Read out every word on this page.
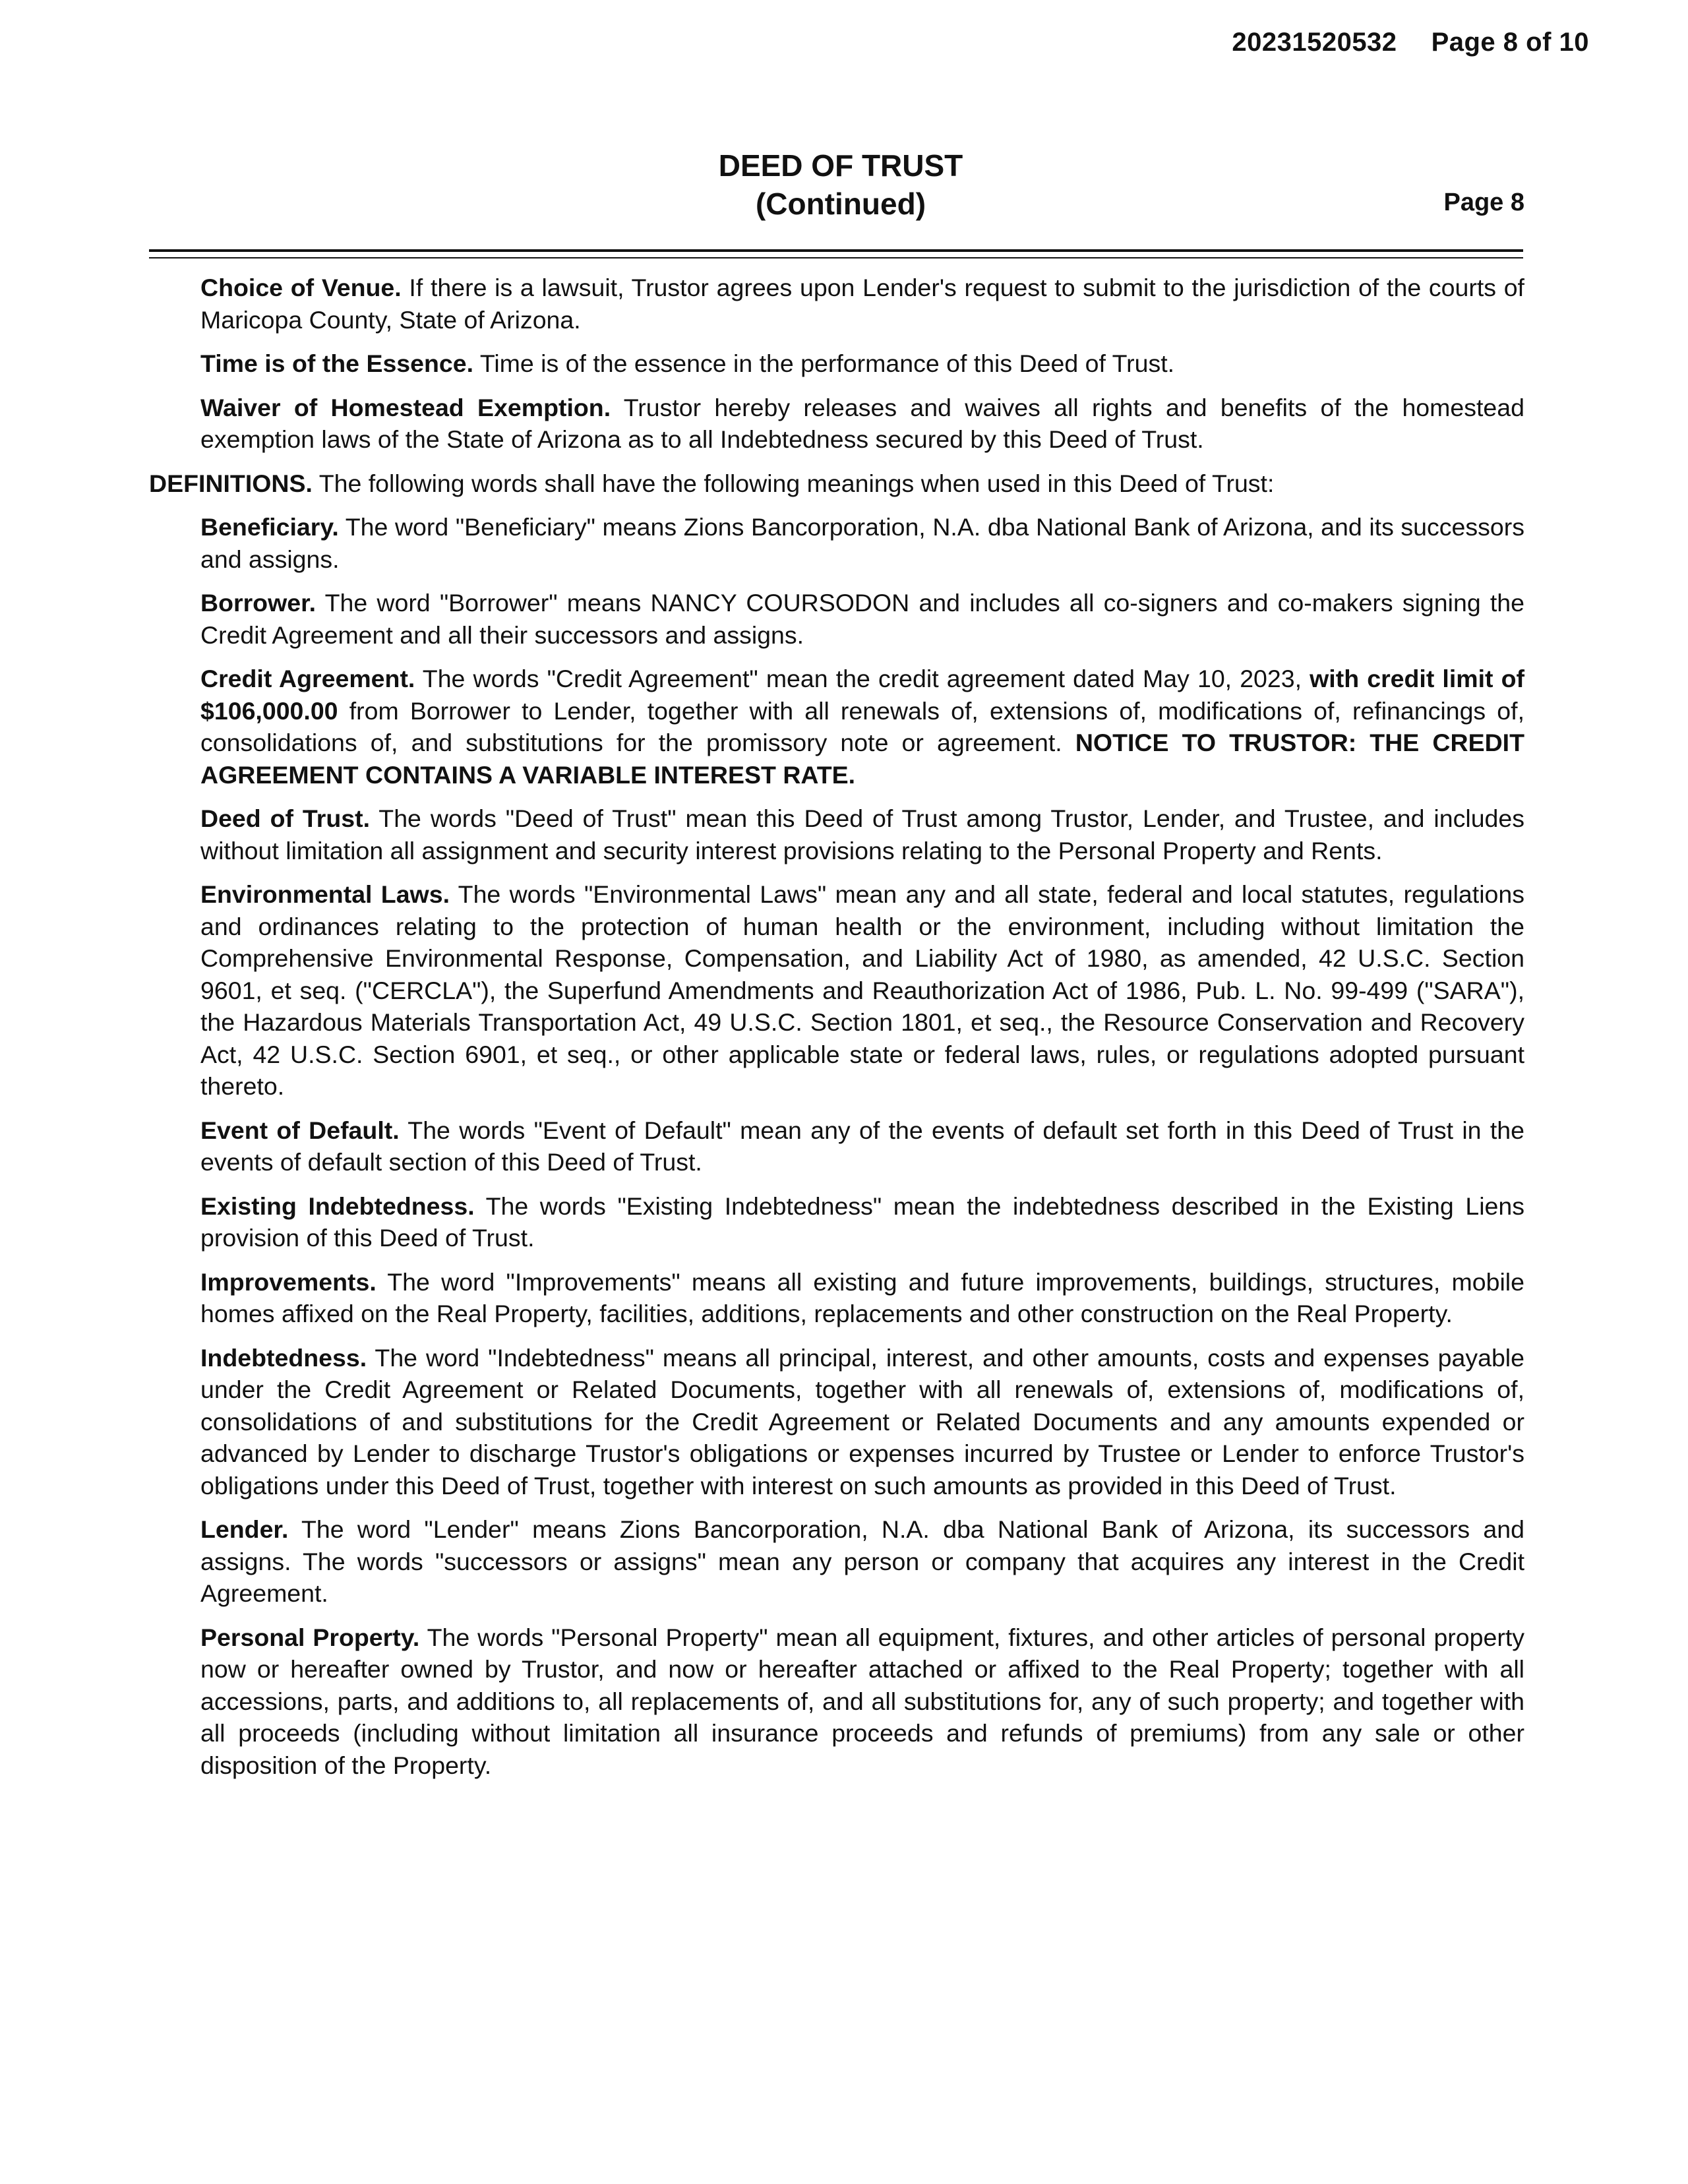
20231520532 Page 8 of 10
DEED OF TRUST
(Continued)	Page 8

Choice of Venue. If there is a lawsuit, Trustor agrees upon Lender's request to submit to the jurisdiction of the courts of Maricopa County, State of Arizona.

Time is of the Essence. Time is of the essence in the performance of this Deed of Trust.

Waiver of Homestead Exemption. Trustor hereby releases and waives all rights and benefits of the homestead exemption laws of the State of Arizona as to all Indebtedness secured by this Deed of Trust.

DEFINITIONS. The following words shall have the following meanings when used in this Deed of Trust:

Beneficiary. The word "Beneficiary" means Zions Bancorporation, N.A. dba National Bank of Arizona, and its successors and assigns.

Borrower. The word "Borrower" means NANCY COURSODON and includes all co-signers and co-makers signing the Credit Agreement and all their successors and assigns.

Credit Agreement. The words "Credit Agreement" mean the credit agreement dated May 10, 2023, with credit limit of $106,000.00 from Borrower to Lender, together with all renewals of, extensions of, modifications of, refinancings of, consolidations of, and substitutions for the promissory note or agreement. NOTICE TO TRUSTOR: THE CREDIT AGREEMENT CONTAINS A VARIABLE INTEREST RATE.

Deed of Trust. The words "Deed of Trust" mean this Deed of Trust among Trustor, Lender, and Trustee, and includes without limitation all assignment and security interest provisions relating to the Personal Property and Rents.

Environmental Laws. The words "Environmental Laws" mean any and all state, federal and local statutes, regulations and ordinances relating to the protection of human health or the environment, including without limitation the Comprehensive Environmental Response, Compensation, and Liability Act of 1980, as amended, 42 U.S.C. Section 9601, et seq. ("CERCLA"), the Superfund Amendments and Reauthorization Act of 1986, Pub. L. No. 99-499 ("SARA"), the Hazardous Materials Transportation Act, 49 U.S.C. Section 1801, et seq., the Resource Conservation and Recovery Act, 42 U.S.C. Section 6901, et seq., or other applicable state or federal laws, rules, or regulations adopted pursuant thereto.

Event of Default. The words "Event of Default" mean any of the events of default set forth in this Deed of Trust in the events of default section of this Deed of Trust.

Existing Indebtedness. The words "Existing Indebtedness" mean the indebtedness described in the Existing Liens provision of this Deed of Trust.

Improvements. The word "Improvements" means all existing and future improvements, buildings, structures, mobile homes affixed on the Real Property, facilities, additions, replacements and other construction on the Real Property.

Indebtedness. The word "Indebtedness" means all principal, interest, and other amounts, costs and expenses payable under the Credit Agreement or Related Documents, together with all renewals of, extensions of, modifications of, consolidations of and substitutions for the Credit Agreement or Related Documents and any amounts expended or advanced by Lender to discharge Trustor's obligations or expenses incurred by Trustee or Lender to enforce Trustor's obligations under this Deed of Trust, together with interest on such amounts as provided in this Deed of Trust.

Lender. The word "Lender" means Zions Bancorporation, N.A. dba National Bank of Arizona, its successors and assigns. The words "successors or assigns" mean any person or company that acquires any interest in the Credit Agreement.

Personal Property. The words "Personal Property" mean all equipment, fixtures, and other articles of personal property now or hereafter owned by Trustor, and now or hereafter attached or affixed to the Real Property; together with all accessions, parts, and additions to, all replacements of, and all substitutions for, any of such property; and together with all proceeds (including without limitation all insurance proceeds and refunds of premiums) from any sale or other disposition of the Property.
